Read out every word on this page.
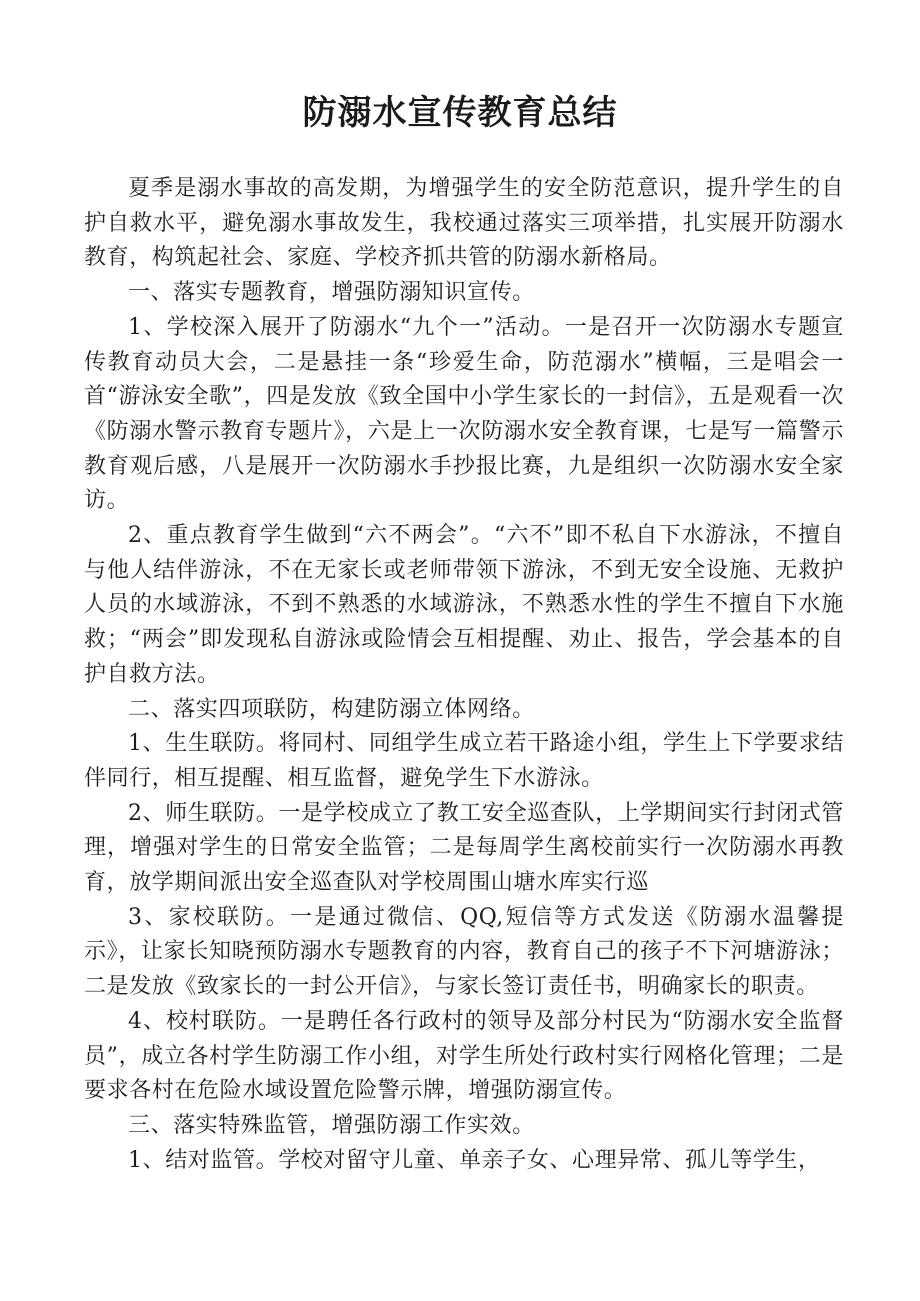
防溺水宣传教育总结

夏季是溺水事故的高发期，为增强学生的安全防范意识，提升学生的自护自救水平，避免溺水事故发生，我校通过落实三项举措，扎实展开防溺水教育，构筑起社会、家庭、学校齐抓共管的防溺水新格局。

一、落实专题教育，增强防溺知识宣传。

1、学校深入展开了防溺水“九个一”活动。一是召开一次防溺水专题宣传教育动员大会，二是悬挂一条“珍爱生命，防范溺水”横幅，三是唱会一首“游泳安全歌”，四是发放《致全国中小学生家长的一封信》，五是观看一次《防溺水警示教育专题片》，六是上一次防溺水安全教育课，七是写一篇警示教育观后感，八是展开一次防溺水手抄报比赛，九是组织一次防溺水安全家访。

2、重点教育学生做到“六不两会”。“六不”即不私自下水游泳，不擅自与他人结伴游泳，不在无家长或老师带领下游泳，不到无安全设施、无救护人员的水域游泳，不到不熟悉的水域游泳，不熟悉水性的学生不擅自下水施救；“两会”即发现私自游泳或险情会互相提醒、劝止、报告，学会基本的自护自救方法。

二、落实四项联防，构建防溺立体网络。

1、生生联防。将同村、同组学生成立若干路途小组，学生上下学要求结伴同行，相互提醒、相互监督，避免学生下水游泳。

2、师生联防。一是学校成立了教工安全巡查队，上学期间实行封闭式管理，增强对学生的日常安全监管；二是每周学生离校前实行一次防溺水再教育，放学期间派出安全巡查队对学校周围山塘水库实行巡

3、家校联防。一是通过微信、QQ,短信等方式发送《防溺水温馨提示》，让家长知晓预防溺水专题教育的内容，教育自己的孩子不下河塘游泳；二是发放《致家长的一封公开信》，与家长签订责任书，明确家长的职责。

4、校村联防。一是聘任各行政村的领导及部分村民为“防溺水安全监督员”，成立各村学生防溺工作小组，对学生所处行政村实行网格化管理；二是要求各村在危险水域设置危险警示牌，增强防溺宣传。

三、落实特殊监管，增强防溺工作实效。

1、结对监管。学校对留守儿童、单亲子女、心理异常、孤儿等学生，
